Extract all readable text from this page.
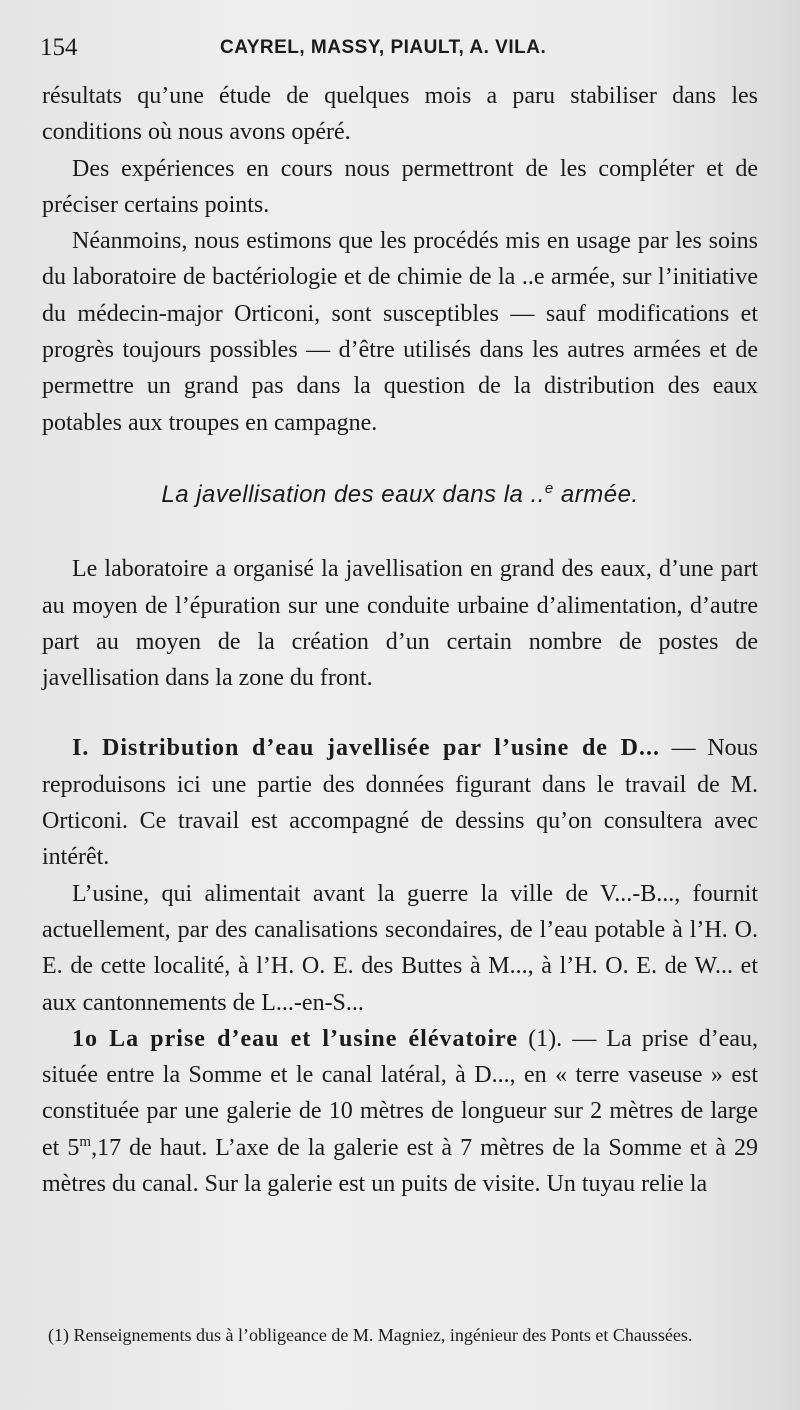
154	CAYREL, MASSY, PIAULT, A. VILA.

résultats qu’une étude de quelques mois a paru stabiliser dans les conditions où nous avons opéré.

Des expériences en cours nous permettront de les compléter et de préciser certains points.

Néanmoins, nous estimons que les procédés mis en usage par les soins du laboratoire de bactériologie et de chimie de la ..e armée, sur l’initiative du médecin-major Orticoni, sont susceptibles — sauf modifications et progrès toujours possibles — d’être utilisés dans les autres armées et de permettre un grand pas dans la question de la distribution des eaux potables aux troupes en campagne.

La javellisation des eaux dans la ..$^e$ armée.

Le laboratoire a organisé la javellisation en grand des eaux, d’une part au moyen de l’épuration sur une conduite urbaine d’alimentation, d’autre part au moyen de la création d’un certain nombre de postes de javellisation dans la zone du front.

I. Distribution d’eau javellisée par l’usine de D... — Nous reproduisons ici une partie des données figurant dans le travail de M. Orticoni. Ce travail est accompagné de dessins qu’on consultera avec intérêt.

L’usine, qui alimentait avant la guerre la ville de V...-B..., fournit actuellement, par des canalisations secondaires, de l’eau potable à l’H. O. E. de cette localité, à l’H. O. E. des Buttes à M..., à l’H. O. E. de W... et aux cantonnements de L...-en-S...

1o La prise d’eau et l’usine élévatoire (1). — La prise d’eau, située entre la Somme et le canal latéral, à D..., en « terre vaseuse » est constituée par une galerie de 10 mètres de longueur sur 2 mètres de large et 5$^m$,17 de haut. L’axe de la galerie est à 7 mètres de la Somme et à 29 mètres du canal. Sur la galerie est un puits de visite. Un tuyau relie la

(1) Renseignements dus à l’obligeance de M. Magniez, ingénieur des Ponts et Chaussées.
